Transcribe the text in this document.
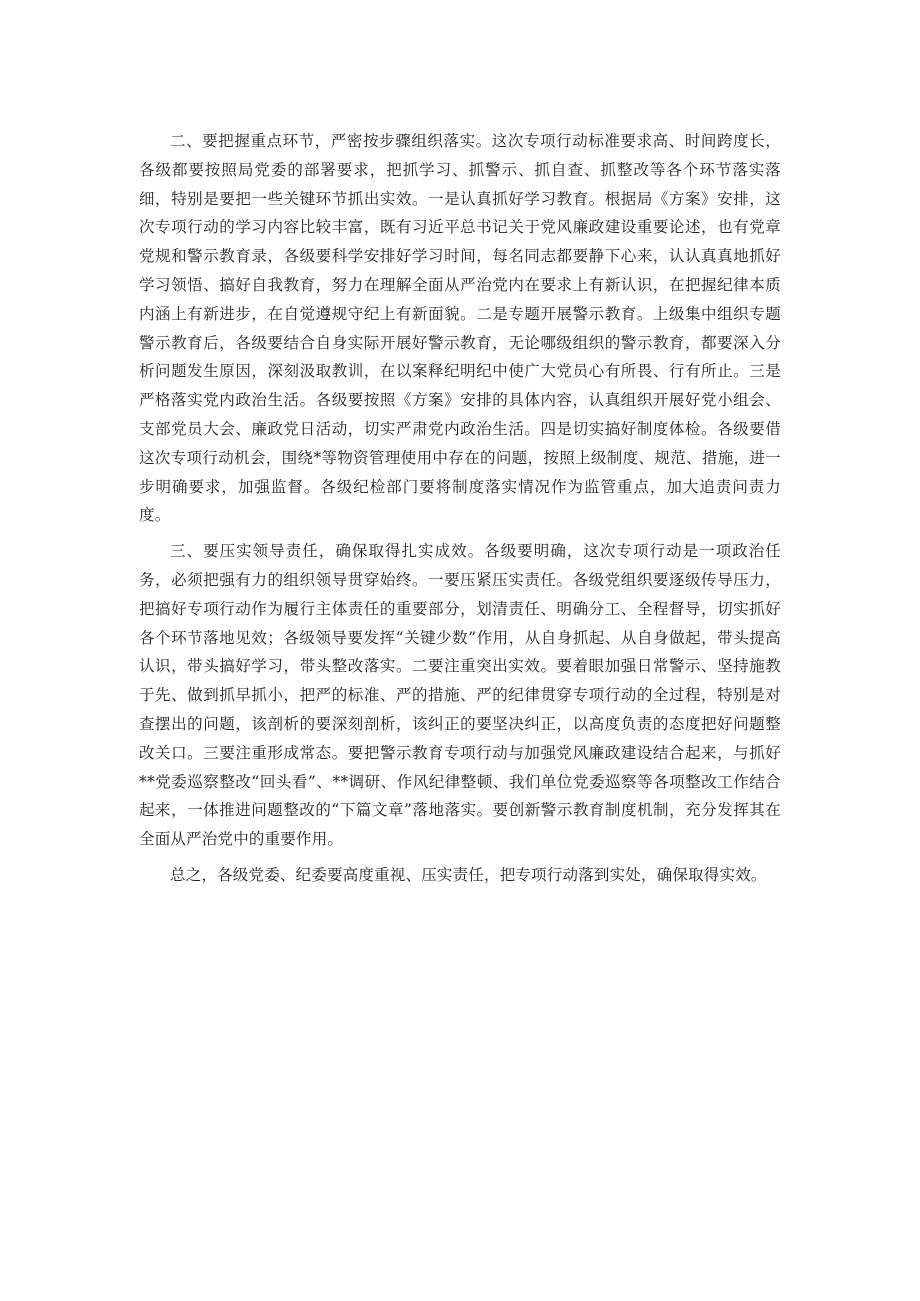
二、要把握重点环节，严密按步骤组织落实。这次专项行动标准要求高、时间跨度长，各级都要按照局党委的部署要求，把抓学习、抓警示、抓自查、抓整改等各个环节落实落细，特别是要把一些关键环节抓出实效。一是认真抓好学习教育。根据局《方案》安排，这次专项行动的学习内容比较丰富，既有习近平总书记关于党风廉政建设重要论述，也有党章党规和警示教育录，各级要科学安排好学习时间，每名同志都要静下心来，认认真真地抓好学习领悟、搞好自我教育，努力在理解全面从严治党内在要求上有新认识，在把握纪律本质内涵上有新进步，在自觉遵规守纪上有新面貌。二是专题开展警示教育。上级集中组织专题警示教育后，各级要结合自身实际开展好警示教育，无论哪级组织的警示教育，都要深入分析问题发生原因，深刻汲取教训，在以案释纪明纪中使广大党员心有所畏、行有所止。三是严格落实党内政治生活。各级要按照《方案》安排的具体内容，认真组织开展好党小组会、支部党员大会、廉政党日活动，切实严肃党内政治生活。四是切实搞好制度体检。各级要借这次专项行动机会，围绕*等物资管理使用中存在的问题，按照上级制度、规范、措施，进一步明确要求，加强监督。各级纪检部门要将制度落实情况作为监管重点，加大追责问责力度。

三、要压实领导责任，确保取得扎实成效。各级要明确，这次专项行动是一项政治任务，必须把强有力的组织领导贯穿始终。一要压紧压实责任。各级党组织要逐级传导压力，把搞好专项行动作为履行主体责任的重要部分，划清责任、明确分工、全程督导，切实抓好各个环节落地见效；各级领导要发挥“关键少数”作用，从自身抓起、从自身做起，带头提高认识，带头搞好学习，带头整改落实。二要注重突出实效。要着眼加强日常警示、坚持施教于先、做到抓早抓小，把严的标准、严的措施、严的纪律贯穿专项行动的全过程，特别是对查摆出的问题，该剖析的要深刻剖析，该纠正的要坚决纠正，以高度负责的态度把好问题整改关口。三要注重形成常态。要把警示教育专项行动与加强党风廉政建设结合起来，与抓好**党委巡察整改“回头看”、**调研、作风纪律整顿、我们单位党委巡察等各项整改工作结合起来，一体推进问题整改的“下篇文章”落地落实。要创新警示教育制度机制，充分发挥其在全面从严治党中的重要作用。

总之，各级党委、纪委要高度重视、压实责任，把专项行动落到实处，确保取得实效。
